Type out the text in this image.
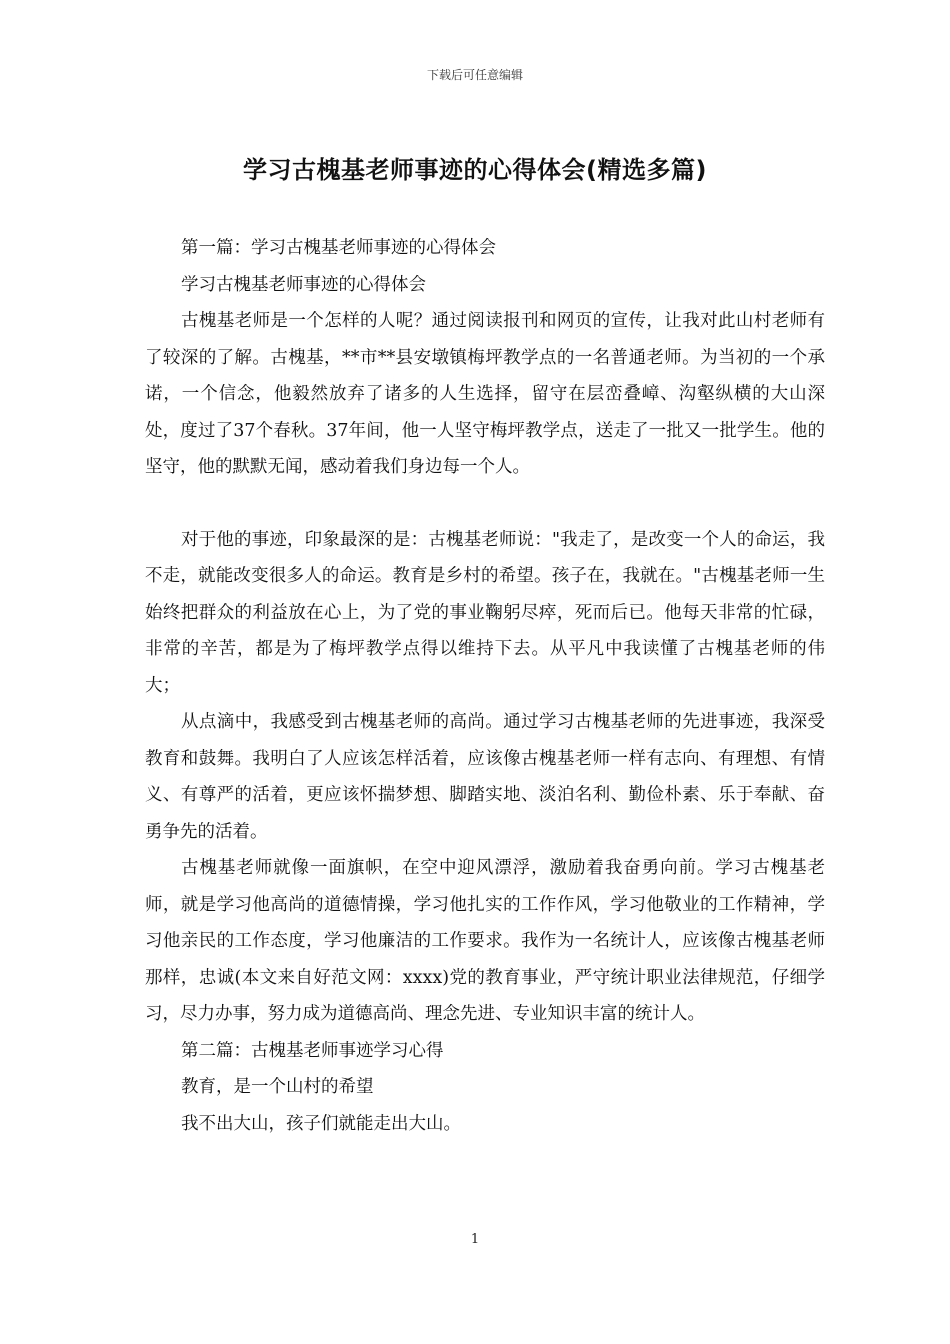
下载后可任意编辑
学习古槐基老师事迹的心得体会(精选多篇)

第一篇：学习古槐基老师事迹的心得体会

学习古槐基老师事迹的心得体会

古槐基老师是一个怎样的人呢？通过阅读报刊和网页的宣传，让我对此山村老师有了较深的了解。古槐基，**市**县安墩镇梅坪教学点的一名普通老师。为当初的一个承诺，一个信念，他毅然放弃了诸多的人生选择，留守在层峦叠嶂、沟壑纵横的大山深处，度过了37个春秋。37年间，他一人坚守梅坪教学点，送走了一批又一批学生。他的坚守，他的默默无闻，感动着我们身边每一个人。

对于他的事迹，印象最深的是：古槐基老师说："我走了，是改变一个人的命运，我不走，就能改变很多人的命运。教育是乡村的希望。孩子在，我就在。"古槐基老师一生始终把群众的利益放在心上，为了党的事业鞠躬尽瘁，死而后已。他每天非常的忙碌，非常的辛苦，都是为了梅坪教学点得以维持下去。从平凡中我读懂了古槐基老师的伟大；

从点滴中，我感受到古槐基老师的高尚。通过学习古槐基老师的先进事迹，我深受教育和鼓舞。我明白了人应该怎样活着，应该像古槐基老师一样有志向、有理想、有情义、有尊严的活着，更应该怀揣梦想、脚踏实地、淡泊名利、勤俭朴素、乐于奉献、奋勇争先的活着。

古槐基老师就像一面旗帜，在空中迎风漂浮，激励着我奋勇向前。学习古槐基老师，就是学习他高尚的道德情操，学习他扎实的工作作风，学习他敬业的工作精神，学习他亲民的工作态度，学习他廉洁的工作要求。我作为一名统计人，应该像古槐基老师那样，忠诚(本文来自好范文网：xxxx)党的教育事业，严守统计职业法律规范，仔细学习，尽力办事，努力成为道德高尚、理念先进、专业知识丰富的统计人。

第二篇：古槐基老师事迹学习心得

教育，是一个山村的希望

我不出大山，孩子们就能走出大山。

1
